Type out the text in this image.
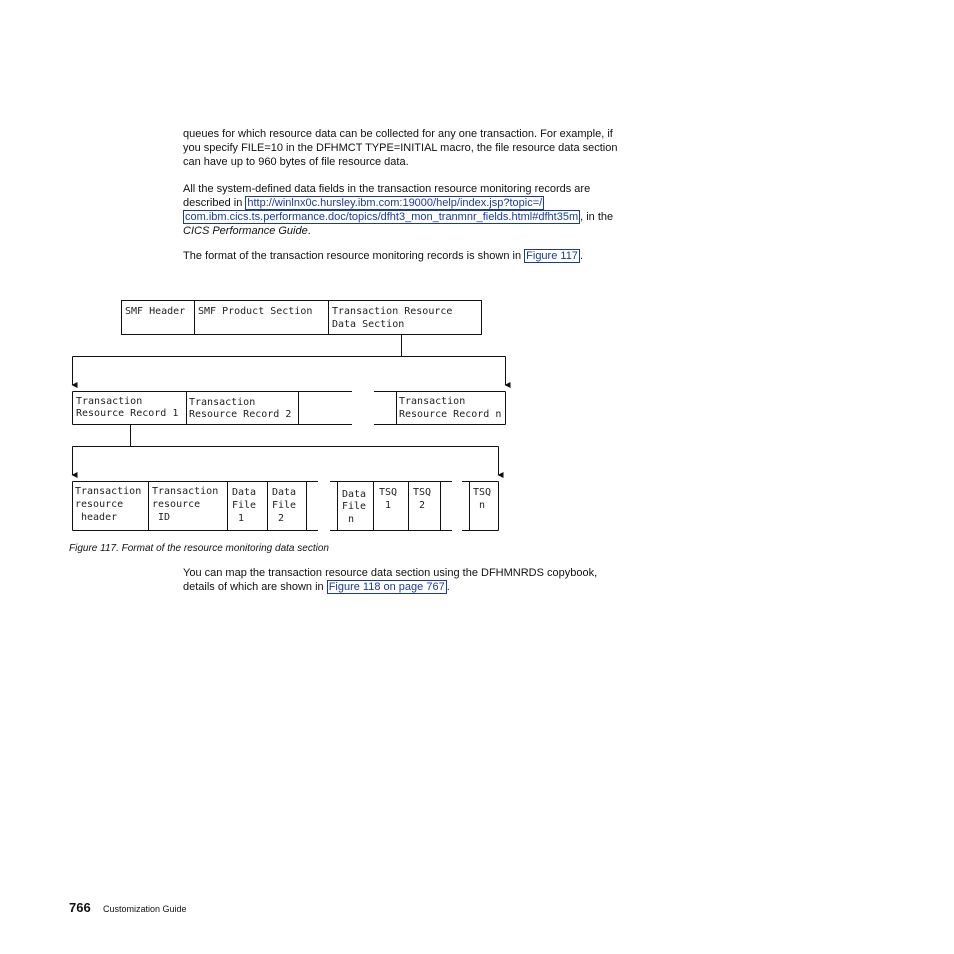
queues for which resource data can be collected for any one transaction. For example, if you specify FILE=10 in the DFHMCT TYPE=INITIAL macro, the file resource data section can have up to 960 bytes of file resource data.

All the system-defined data fields in the transaction resource monitoring records are described in http://winlnx0c.hursley.ibm.com:19000/help/index.jsp?topic=/
com.ibm.cics.ts.performance.doc/topics/dfht3_mon_tranmnr_fields.html#dfht35m , in the CICS Performance Guide.

The format of the transaction resource monitoring records is shown in Figure 117 .

SMF Header SMF Product Section Transaction Resource
Data Section
Transaction
Resource Record 1
Transaction
Resource Record 2
Transaction
Resource Record n
Transaction
resource
header
Transaction
resource
ID
Data
File
1
Data
File
2
Data
File
n
TSQ
1
TSQ
2
TSQ
n
Figure 117. Format of the resource monitoring data section

You can map the transaction resource data section using the DFHMNRDS copybook, details of which are shown in Figure 118 on page 767 .

766 Customization Guide
